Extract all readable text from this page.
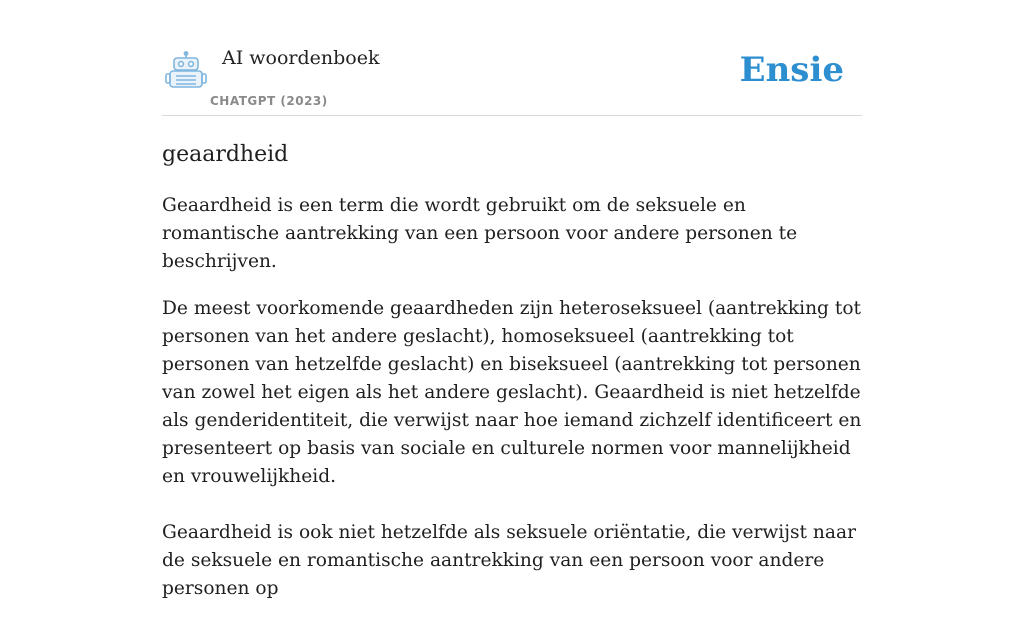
AI woordenboek
CHATGPT (2023)
Ensie
geaardheid

Geaardheid is een term die wordt gebruikt om de seksuele en romantische aantrekking van een persoon voor andere personen te beschrijven.

De meest voorkomende geaardheden zijn heteroseksueel (aantrekking tot personen van het andere geslacht), homoseksueel (aantrekking tot personen van hetzelfde geslacht) en biseksueel (aantrekking tot personen van zowel het eigen als het andere geslacht). Geaardheid is niet hetzelfde als genderidentiteit, die verwijst naar hoe iemand zichzelf identificeert en presenteert op basis van sociale en culturele normen voor mannelijkheid en vrouwelijkheid.

Geaardheid is ook niet hetzelfde als seksuele oriëntatie, die verwijst naar de seksuele en romantische aantrekking van een persoon voor andere personen op
